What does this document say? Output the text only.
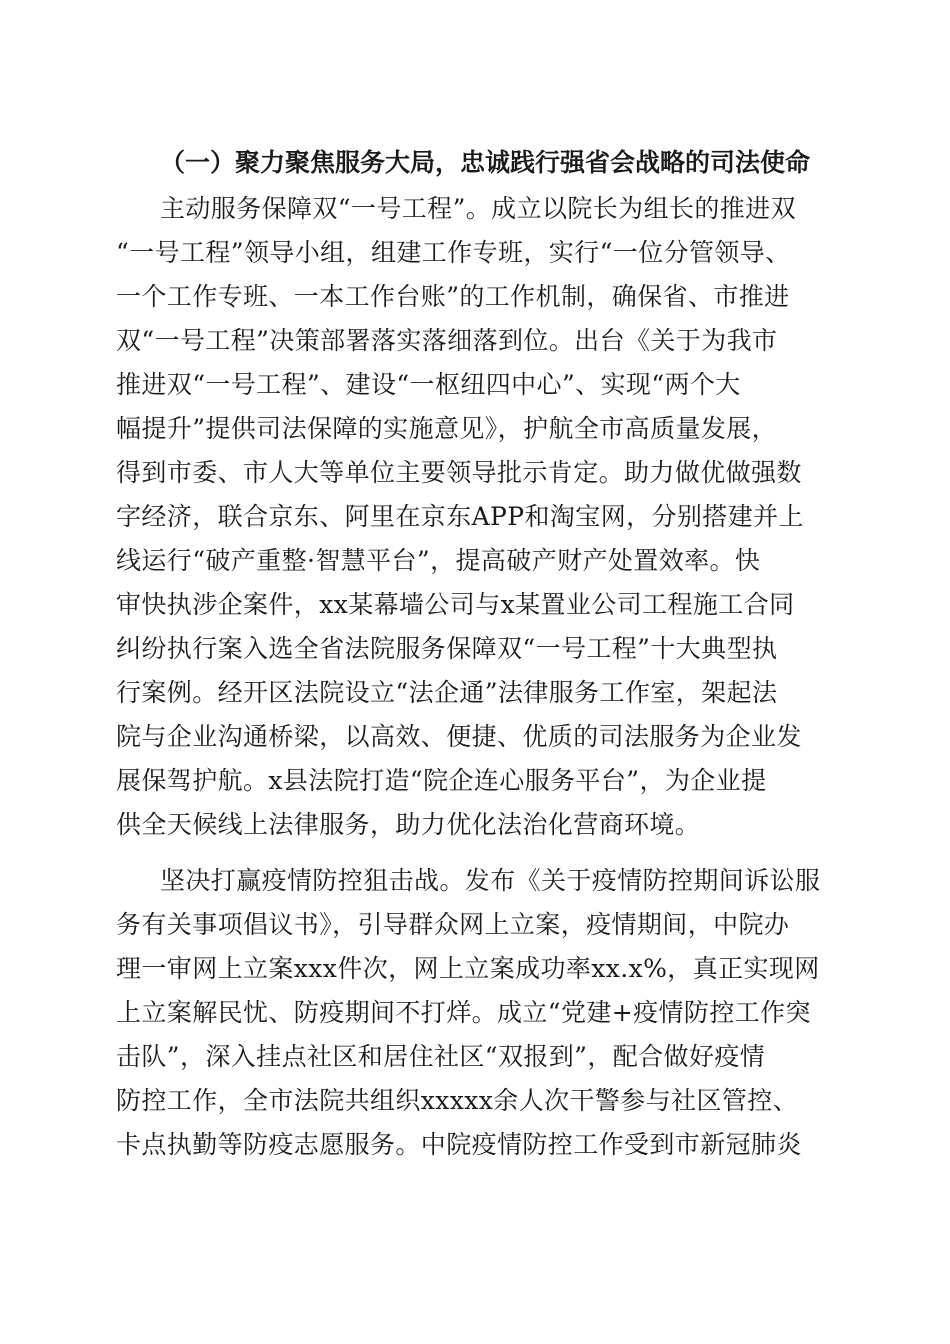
（一）聚力聚焦服务大局，忠诚践行强省会战略的司法使命
主动服务保障双“一号工程”。成立以院长为组长的推进双
“一号工程”领导小组，组建工作专班，实行“一位分管领导、
一个工作专班、一本工作台账”的工作机制，确保省、市推进
双“一号工程”决策部署落实落细落到位。出台《关于为我市
推进双“一号工程”、建设“一枢纽四中心”、实现“两个大
幅提升”提供司法保障的实施意见》，护航全市高质量发展，
得到市委、市人大等单位主要领导批示肯定。助力做优做强数
字经济，联合京东、阿里在京东APP和淘宝网，分别搭建并上
线运行“破产重整·智慧平台”，提高破产财产处置效率。快
审快执涉企案件，xx某幕墙公司与x某置业公司工程施工合同
纠纷执行案入选全省法院服务保障双“一号工程”十大典型执
行案例。经开区法院设立“法企通”法律服务工作室，架起法
院与企业沟通桥梁，以高效、便捷、优质的司法服务为企业发
展保驾护航。x县法院打造“院企连心服务平台”，为企业提
供全天候线上法律服务，助力优化法治化营商环境。
坚决打赢疫情防控狙击战。发布《关于疫情防控期间诉讼服
务有关事项倡议书》，引导群众网上立案，疫情期间，中院办
理一审网上立案xxx件次，网上立案成功率xx.x%，真正实现网
上立案解民忧、防疫期间不打烊。成立“党建+疫情防控工作突
击队”，深入挂点社区和居住社区“双报到”，配合做好疫情
防控工作，全市法院共组织xxxxx余人次干警参与社区管控、
卡点执勤等防疫志愿服务。中院疫情防控工作受到市新冠肺炎
